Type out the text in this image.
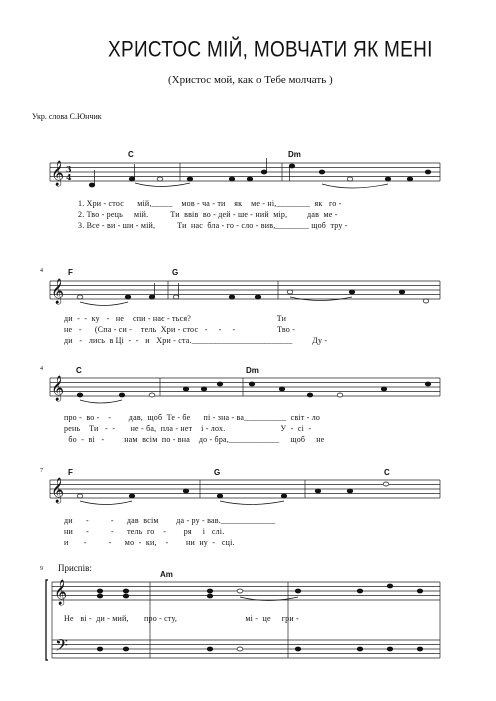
ХРИСТОС МІЙ, МОВЧАТИ ЯК МЕНІ
(Христос мой, как о Тебе молчать )
Укр. слова С.Юнчик
𝄞 3
4
𝄞
𝄞
𝄞
𝄞
𝄢
C	Dm
1. Хри - стос      мій,_____    мов - ча - ти    як    ме - ні,________  як   го -
2. Тво - рець     мій.          Ти  ввів  во - дей - ше - ний  мір,         дав  ме -
3. Все - ви - ши - мій,          Ти  нас  бла - го - сло - вив,________ щоб  тру -
4	F	G
ди  -  -  ку   -   не    спи - нає - ться?                                       Ти
не   -      (Спа - си -    тель  Хри - стос   -     -     -                   Тво -
ди   -   лись  в Ці  -  -   и   Хри - ста.________________________         Ду -
4	C	Dm
про -  во -    -        дав,  щоб  Те - бе      пі - зна - ва__________  світ - ло
рень    Ти   -  -       не - ба,  пла - нет    і - лох.                         У  -  сі  -
бо  -  ві   -         нам  всім  по - вна    до - бра,____________     щоб     не
7	F	G	C
ди      -          -      дав  всім        да - ру - вав._____________
ни      -          -      тель  го    -        ря     і   слі.
и       -          -      мо  -  ки,    -        ни  ну  -   сці.
9 Приспів:
Am
Не   ві -  ди - мий,       про - сту,                               мі -  це     гри -
